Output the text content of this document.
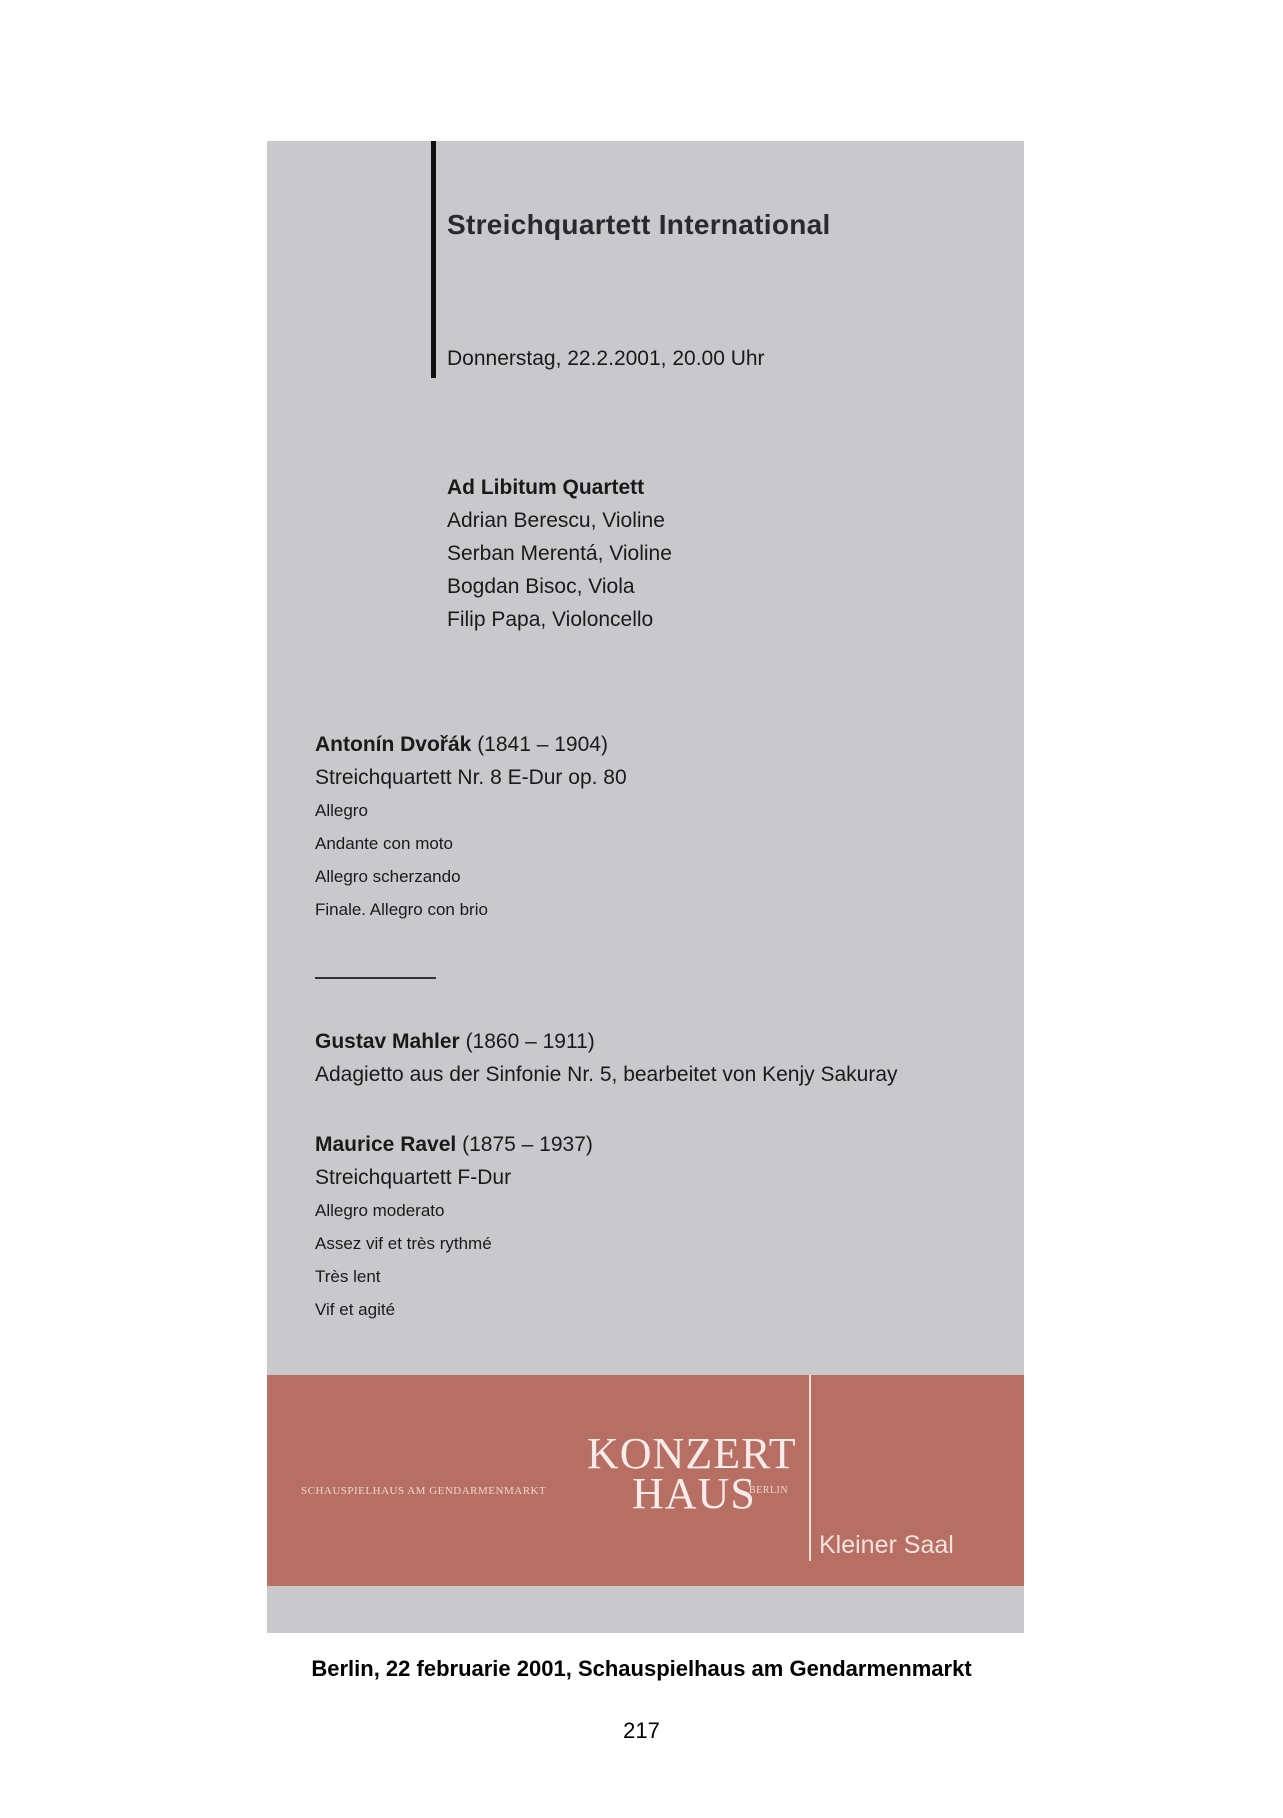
Streichquartett International
Donnerstag, 22.2.2001, 20.00 Uhr
Ad Libitum Quartett
Adrian Berescu, Violine
Serban Merentá, Violine
Bogdan Bisoc, Viola
Filip Papa, Violoncello
Antonín Dvořák (1841 – 1904)
Streichquartett Nr. 8 E-Dur op. 80
Allegro
Andante con moto
Allegro scherzando
Finale. Allegro con brio
Gustav Mahler (1860 – 1911)
Adagietto aus der Sinfonie Nr. 5, bearbeitet von Kenjy Sakuray
Maurice Ravel (1875 – 1937)
Streichquartett F-Dur
Allegro moderato
Assez vif et très rythmé
Très lent
Vif et agité
SCHAUSPIELHAUS AM GENDARMENMARKT
KONZERT
HAUS
BERLIN
Kleiner Saal
Berlin, 22 februarie 2001, Schauspielhaus am Gendarmenmarkt
217
